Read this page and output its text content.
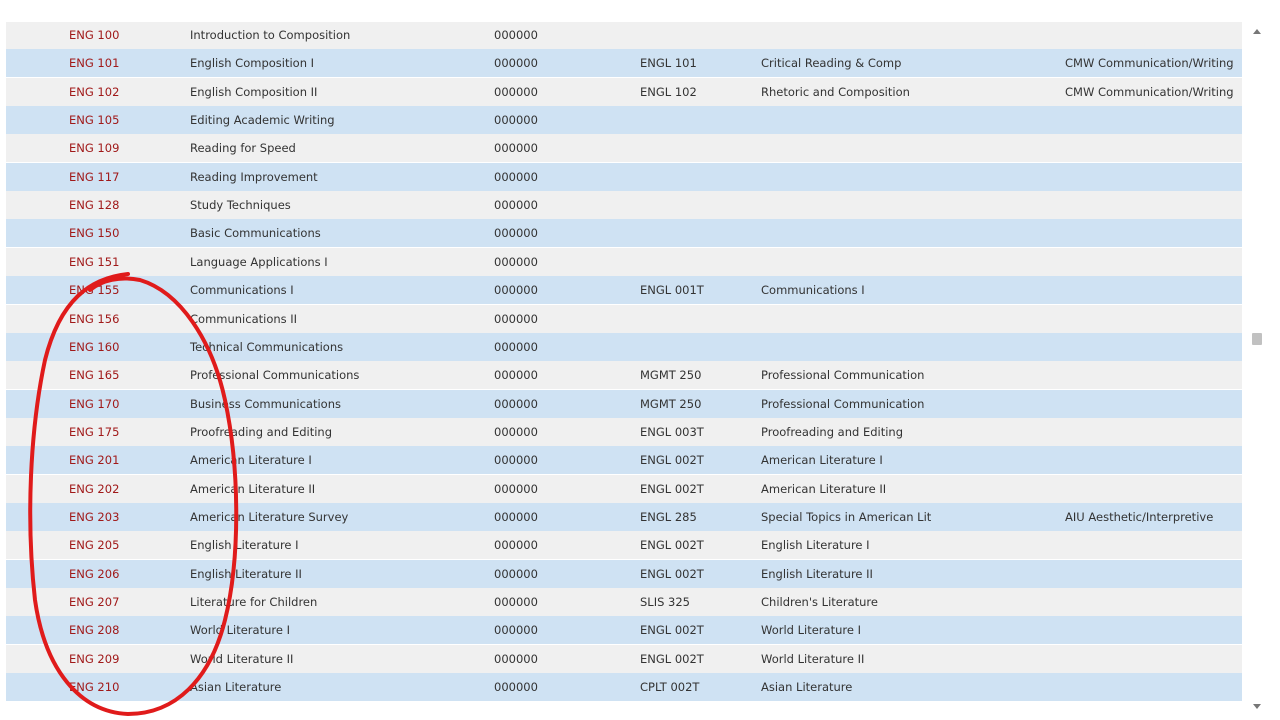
ENG 100	Introduction to Composition	000000
ENG 101	English Composition I	000000	ENGL 101	Critical Reading & Comp	CMW Communication/Writing
ENG 102	English Composition II	000000	ENGL 102	Rhetoric and Composition	CMW Communication/Writing
ENG 105	Editing Academic Writing	000000
ENG 109	Reading for Speed	000000
ENG 117	Reading Improvement	000000
ENG 128	Study Techniques	000000
ENG 150	Basic Communications	000000
ENG 151	Language Applications I	000000
ENG 155	Communications I	000000	ENGL 001T	Communications I
ENG 156	Communications II	000000
ENG 160	Technical Communications	000000
ENG 165	Professional Communications	000000	MGMT 250	Professional Communication
ENG 170	Business Communications	000000	MGMT 250	Professional Communication
ENG 175	Proofreading and Editing	000000	ENGL 003T	Proofreading and Editing
ENG 201	American Literature I	000000	ENGL 002T	American Literature I
ENG 202	American Literature II	000000	ENGL 002T	American Literature II
ENG 203	American Literature Survey	000000	ENGL 285	Special Topics in American Lit	AIU Aesthetic/Interpretive
ENG 205	English Literature I	000000	ENGL 002T	English Literature I
ENG 206	English Literature II	000000	ENGL 002T	English Literature II
ENG 207	Literature for Children	000000	SLIS 325	Children's Literature
ENG 208	World Literature I	000000	ENGL 002T	World Literature I
ENG 209	World Literature II	000000	ENGL 002T	World Literature II
ENG 210	Asian Literature	000000	CPLT 002T	Asian Literature
